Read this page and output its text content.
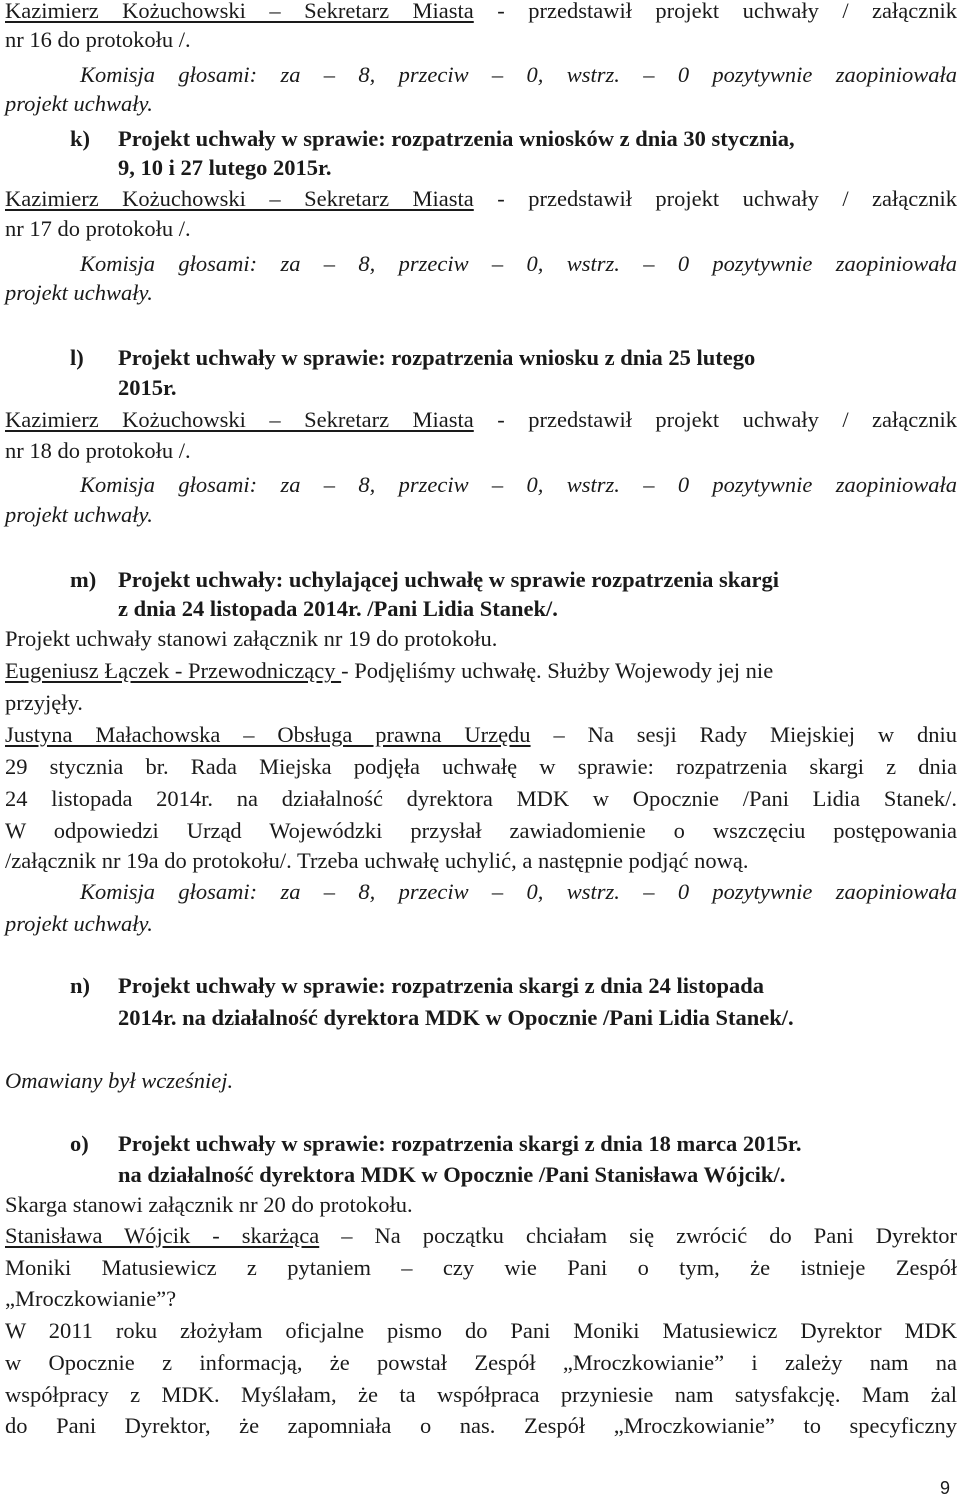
Kazimierz Kożuchowski – Sekretarz Miasta - przedstawił projekt uchwały / załącznik
nr 16 do protokołu /.
Komisja głosami: za – 8, przeciw – 0, wstrz. – 0 pozytywnie zaopiniowała
projekt uchwały.
k) Projekt uchwały w sprawie: rozpatrzenia wniosków z dnia 30 stycznia,
9, 10 i 27 lutego 2015r.
Kazimierz Kożuchowski – Sekretarz Miasta - przedstawił projekt uchwały / załącznik
nr 17 do protokołu /.
Komisja głosami: za – 8, przeciw – 0, wstrz. – 0 pozytywnie zaopiniowała
projekt uchwały.
l) Projekt uchwały w sprawie: rozpatrzenia wniosku z dnia 25 lutego
2015r.
Kazimierz Kożuchowski – Sekretarz Miasta - przedstawił projekt uchwały / załącznik
nr 18 do protokołu /.
Komisja głosami: za – 8, przeciw – 0, wstrz. – 0 pozytywnie zaopiniowała
projekt uchwały.
m) Projekt uchwały: uchylającej uchwałę w sprawie rozpatrzenia skargi
z dnia 24 listopada 2014r. /Pani Lidia Stanek/.
Projekt uchwały stanowi załącznik nr 19 do protokołu.
Eugeniusz Łączek - Przewodniczący - Podjęliśmy uchwałę. Służby Wojewody jej nie
przyjęły.
Justyna Małachowska – Obsługa prawna Urzędu – Na sesji Rady Miejskiej w dniu
29 stycznia br. Rada Miejska podjęła uchwałę w sprawie: rozpatrzenia skargi z dnia
24 listopada 2014r. na działalność dyrektora MDK w Opocznie /Pani Lidia Stanek/.
W odpowiedzi Urząd Wojewódzki przysłał zawiadomienie o wszczęciu postępowania
/załącznik nr 19a do protokołu/. Trzeba uchwałę uchylić, a następnie podjąć nową.
Komisja głosami: za – 8, przeciw – 0, wstrz. – 0 pozytywnie zaopiniowała
projekt uchwały.
n) Projekt uchwały w sprawie: rozpatrzenia skargi z dnia 24 listopada
2014r. na działalność dyrektora MDK w Opocznie /Pani Lidia Stanek/.
Omawiany był wcześniej.
o) Projekt uchwały w sprawie: rozpatrzenia skargi z dnia 18 marca 2015r.
na działalność dyrektora MDK w Opocznie /Pani Stanisława Wójcik/.
Skarga stanowi załącznik nr 20 do protokołu.
Stanisława Wójcik - skarżąca – Na początku chciałam się zwrócić do Pani Dyrektor
Moniki Matusiewicz z pytaniem – czy wie Pani o tym, że istnieje Zespół
„Mroczkowianie”?
W 2011 roku złożyłam oficjalne pismo do Pani Moniki Matusiewicz Dyrektor MDK
w Opocznie z informacją, że powstał Zespół „Mroczkowianie” i zależy nam na
współpracy z MDK. Myślałam, że ta współpraca przyniesie nam satysfakcję. Mam żal
do Pani Dyrektor, że zapomniała o nas. Zespół „Mroczkowianie” to specyficzny
9
